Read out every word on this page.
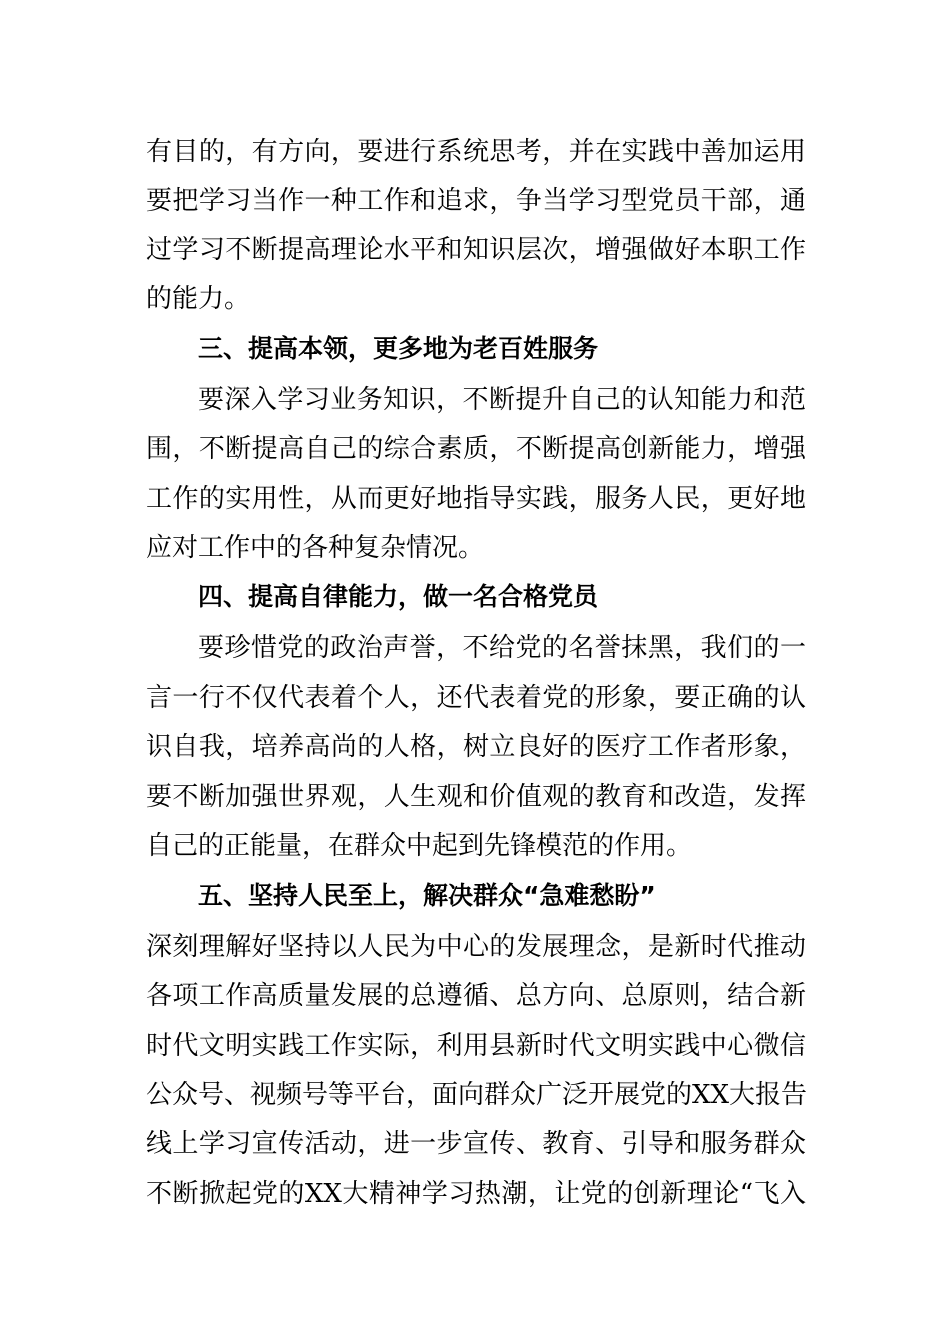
有目的，有方向，要进行系统思考，并在实践中善加运用
要把学习当作一种工作和追求，争当学习型党员干部，通
过学习不断提高理论水平和知识层次，增强做好本职工作
的能力。
三、提高本领，更多地为老百姓服务
要深入学习业务知识，不断提升自己的认知能力和范
围，不断提高自己的综合素质，不断提高创新能力，增强
工作的实用性，从而更好地指导实践，服务人民，更好地
应对工作中的各种复杂情况。
四、提高自律能力，做一名合格党员
要珍惜党的政治声誉，不给党的名誉抹黑，我们的一
言一行不仅代表着个人，还代表着党的形象，要正确的认
识自我，培养高尚的人格，树立良好的医疗工作者形象，
要不断加强世界观，人生观和价值观的教育和改造，发挥
自己的正能量，在群众中起到先锋模范的作用。
五、坚持人民至上，解决群众“急难愁盼”
深刻理解好坚持以人民为中心的发展理念，是新时代推动
各项工作高质量发展的总遵循、总方向、总原则，结合新
时代文明实践工作实际，利用县新时代文明实践中心微信
公众号、视频号等平台，面向群众广泛开展党的XX大报告
线上学习宣传活动，进一步宣传、教育、引导和服务群众
不断掀起党的XX大精神学习热潮，让党的创新理论“飞入
